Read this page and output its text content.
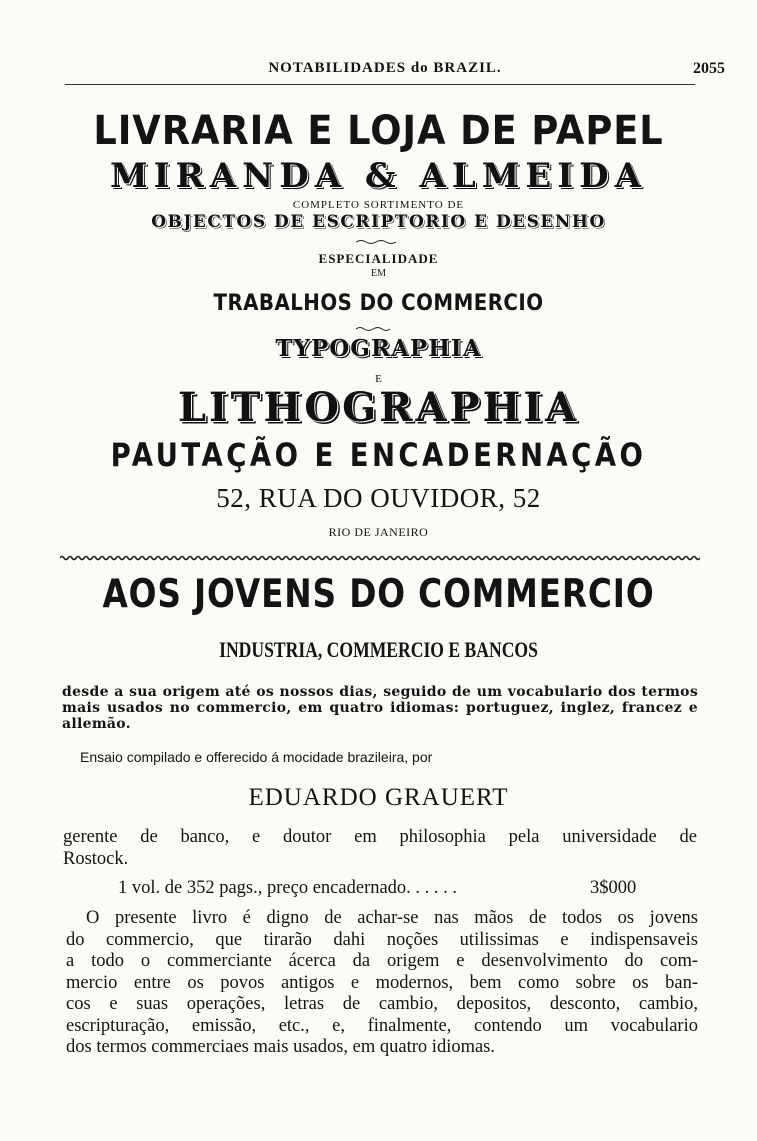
NOTABILIDADES do BRAZIL.	2055
LIVRARIA E LOJA DE PAPEL
MIRANDA & ALMEIDA
COMPLETO SORTIMENTO DE
OBJECTOS DE ESCRIPTORIO E DESENHO
ESPECIALIDADE
EM
TRABALHOS DO COMMERCIO
TYPOGRAPHIA
E
LITHOGRAPHIA
PAUTAÇÃO E ENCADERNAÇÃO
52, RUA DO OUVIDOR, 52
RIO DE JANEIRO
AOS JOVENS DO COMMERCIO
INDUSTRIA, COMMERCIO E BANCOS
desde a sua origem até os nossos dias, seguido de um vocabulario dos termos mais usados no commercio, em quatro idiomas: portuguez, inglez, francez e allemão.
Ensaio compilado e offerecido á mocidade brazileira, por
EDUARDO GRAUERT
gerente de banco, e doutor em philosophia pela universidade de
Rostock.
1 vol. de 352 pags., preço encadernado. . . . . .	3$000
O presente livro é digno de achar-se nas mãos de todos os jovens
do commercio, que tirarão dahi noções utilissimas e indispensaveis
a todo o commerciante ácerca da origem e desenvolvimento do com-
mercio entre os povos antigos e modernos, bem como sobre os ban-
cos e suas operações, letras de cambio, depositos, desconto, cambio,
escripturação, emissão, etc., e, finalmente, contendo um vocabulario
dos termos commerciaes mais usados, em quatro idiomas.
